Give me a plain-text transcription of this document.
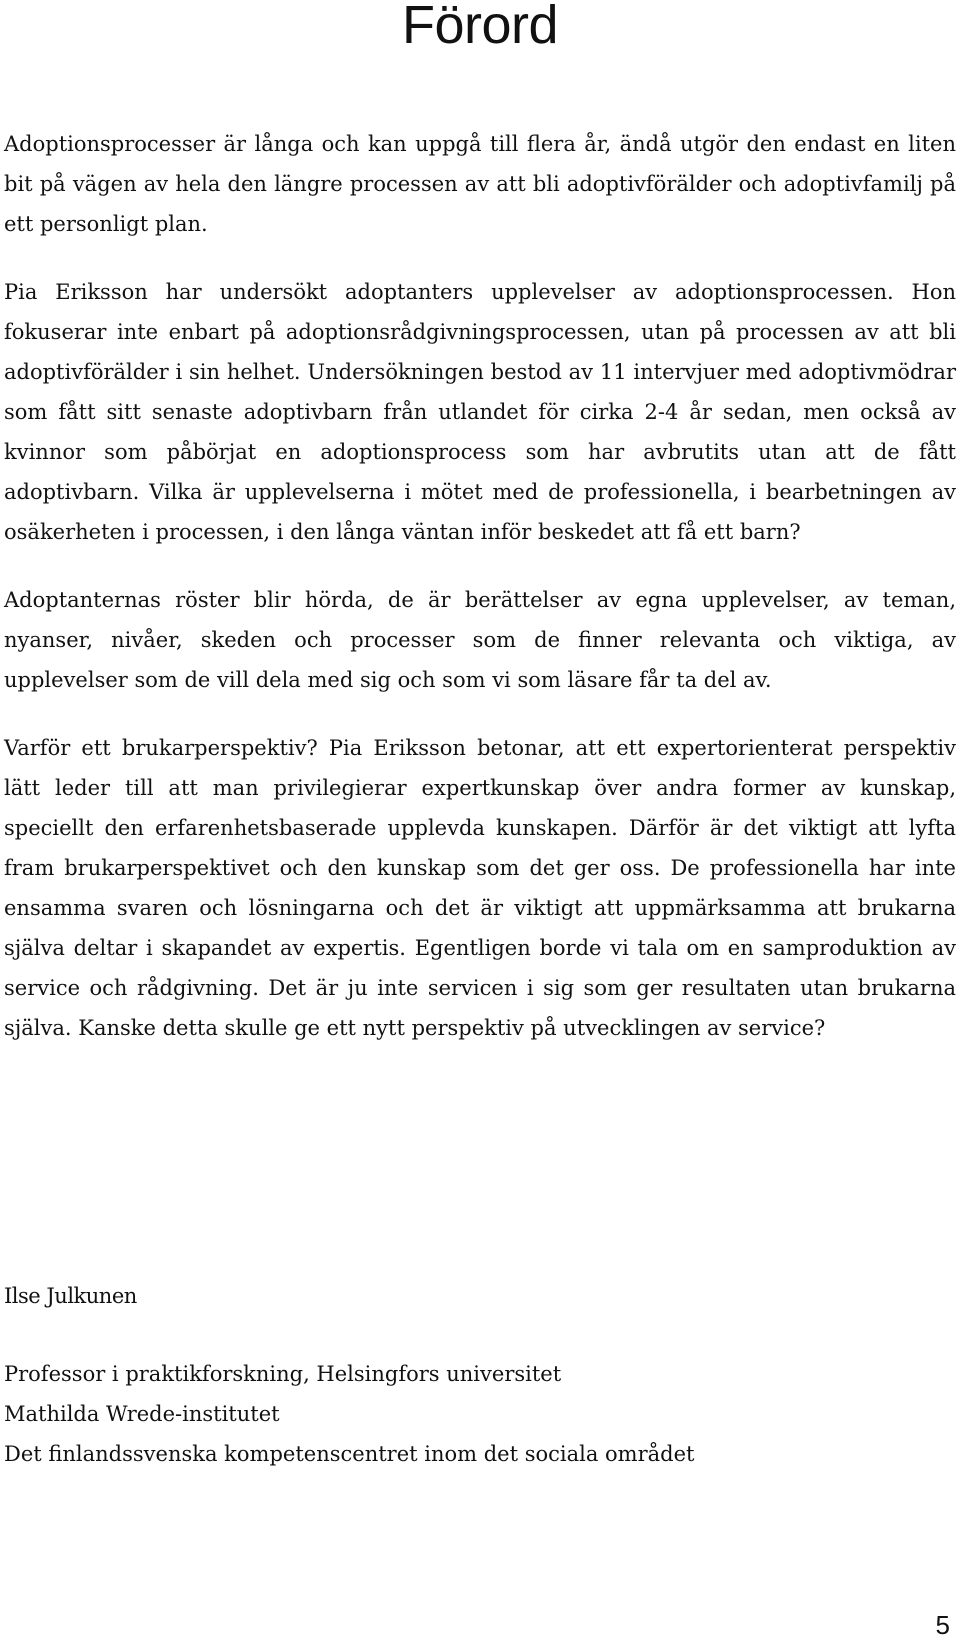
Förord

Adoptionsprocesser är långa och kan uppgå till flera år, ändå utgör den endast en liten bit på vägen av hela den längre processen av att bli adoptivförälder och adoptivfamilj på ett personligt plan.

Pia Eriksson har undersökt adoptanters upplevelser av adoptionsprocessen. Hon fokuserar inte enbart på adoptionsrådgivningsprocessen, utan på processen av att bli adoptivförälder i sin helhet. Undersökningen bestod av 11 intervjuer med adoptivmödrar som fått sitt senaste adoptivbarn från utlandet för cirka 2-4 år sedan, men också av kvinnor som påbörjat en adoptionsprocess som har avbrutits utan att de fått adoptivbarn. Vilka är upplevelserna i mötet med de professionella, i bearbetningen av osäkerheten i processen, i den långa väntan inför beskedet att få ett barn?

Adoptanternas röster blir hörda, de är berättelser av egna upplevelser, av teman, nyanser, nivåer, skeden och processer som de finner relevanta och viktiga, av upplevelser som de vill dela med sig och som vi som läsare får ta del av.

Varför ett brukarperspektiv? Pia Eriksson betonar, att ett expertorienterat perspektiv lätt leder till att man privilegierar expertkunskap över andra former av kunskap, speciellt den erfarenhetsbaserade upplevda kunskapen. Därför är det viktigt att lyfta fram brukarperspektivet och den kunskap som det ger oss. De professionella har inte ensamma svaren och lösningarna och det är viktigt att uppmärksamma att brukarna själva deltar i skapandet av expertis. Egentligen borde vi tala om en samproduktion av service och rådgivning. Det är ju inte servicen i sig som ger resultaten utan brukarna själva. Kanske detta skulle ge ett nytt perspektiv på utvecklingen av service?

Ilse Julkunen
Professor i praktikforskning, Helsingfors universitet
Mathilda Wrede-institutet
Det finlandssvenska kompetenscentret inom det sociala området
5
